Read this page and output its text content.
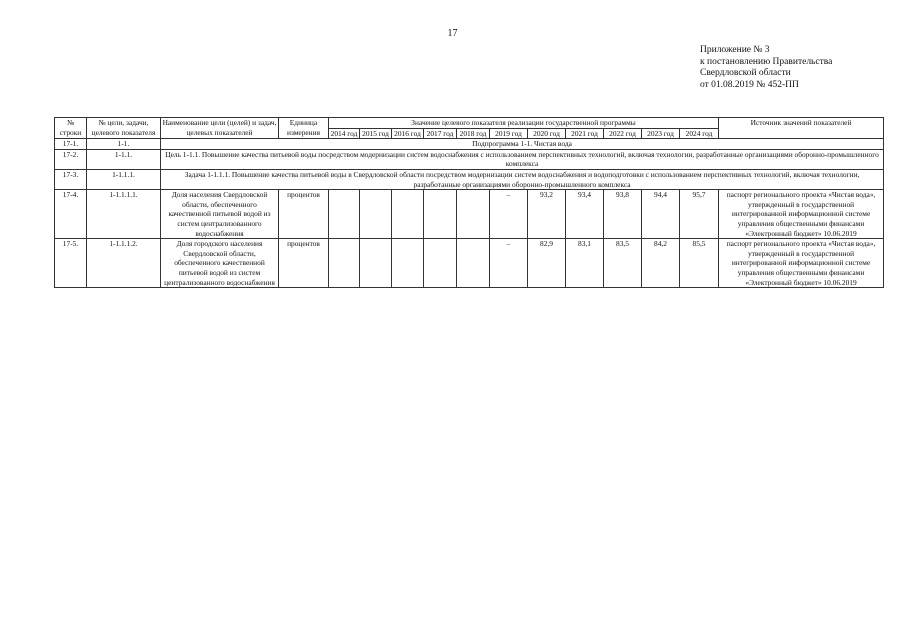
17
Приложение № 3
к постановлению Правительства
Свердловской области
от 01.08.2019 № 452-ПП
№ строки	№ цели, задачи, целевого показателя	Наименование цели (целей) и задач, целевых показателей	Единица измерения	Значение целевого показателя реализации государственной программы											Источник значений показателей
				2014 год	2015 год	2016 год	2017 год	2018 год	2019 год	2020 год	2021 год	2022 год	2023 год	2024 год	
17-1.	1-1.	Подпрограмма 1-1. Чистая вода													
17-2.	1-1.1.	Цель 1-1.1. Повышение качества питьевой воды посредством модернизации систем водоснабжения с использованием перспективных технологий, включая технологии, разработанные организациями оборонно-промышленного комплекса													
17-3.	1-1.1.1.	Задача 1-1.1.1. Повышение качества питьевой воды в Свердловской области посредством модернизации систем водоснабжения и водоподготовки с использованием перспективных технологий, включая технологии, разработанные организациями оборонно-промышленного комплекса													
17-4.	1-1.1.1.1.	Доля населения Свердловской области, обеспеченного качественной питьевой водой из систем централизованного водоснабжения	процентов						–	93,2	93,4	93,8	94,4	95,7	паспорт регионального проекта «Чистая вода», утвержденный в государственной интегрированной информационной системе управления общественными финансами «Электронный бюджет» 10.06.2019
17-5.	1-1.1.1.2.	Доля городского населения Свердловской области, обеспеченного качественной питьевой водой из систем централизованного водоснабжения	процентов						–	82,9	83,1	83,5	84,2	85,5	паспорт регионального проекта «Чистая вода», утвержденный в государственной интегрированной информационной системе управления общественными финансами «Электронный бюджет» 10.06.2019
